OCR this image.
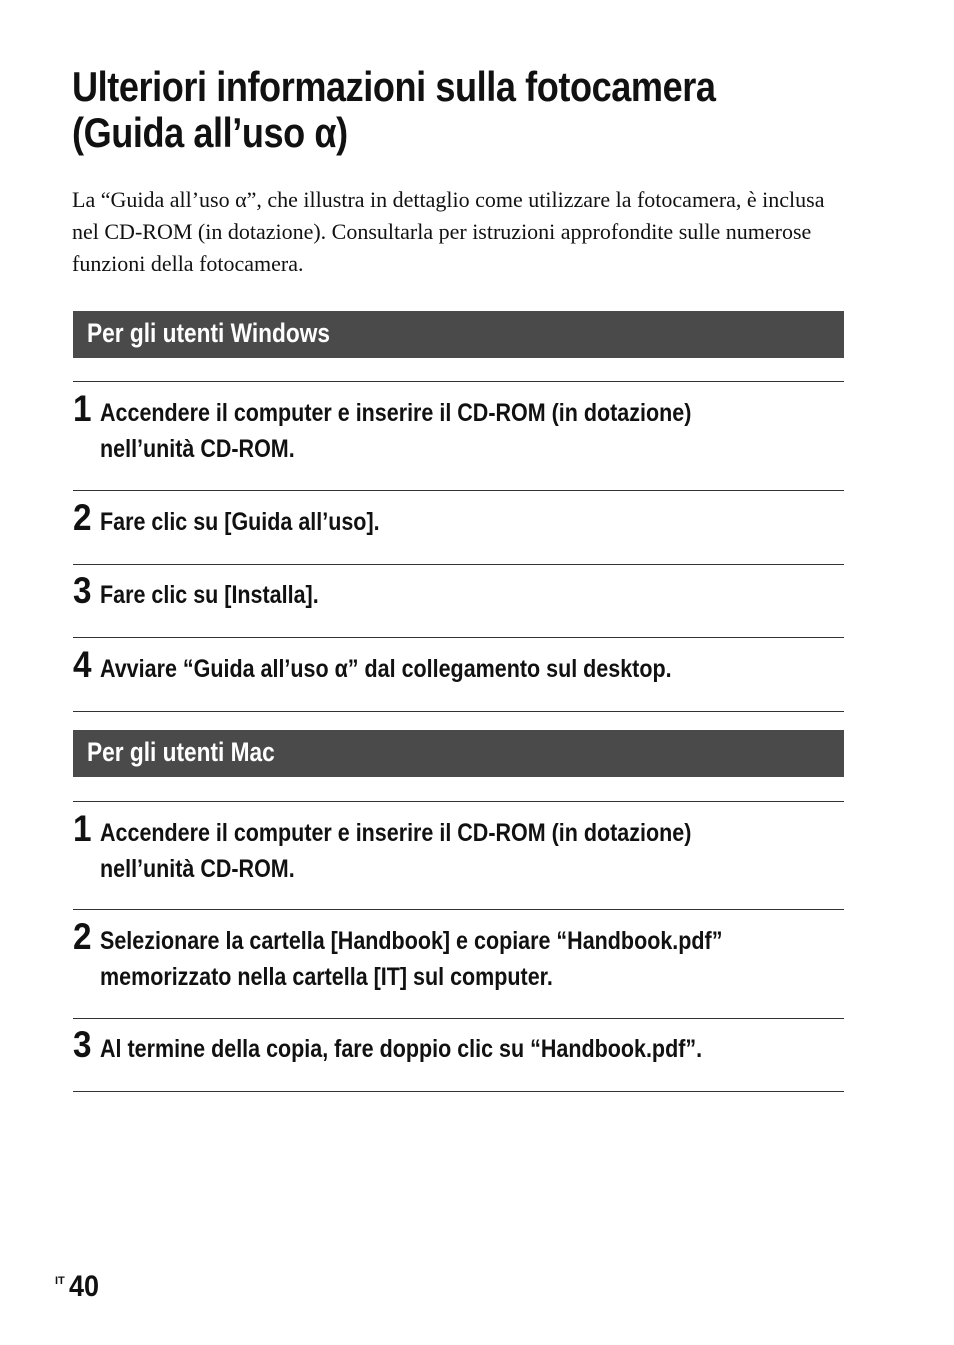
Ulteriori informazioni sulla fotocamera
(Guida all’uso α)

La “Guida all’uso α”, che illustra in dettaglio come utilizzare la fotocamera, è inclusa nel CD-ROM (in dotazione). Consultarla per istruzioni approfondite sulle numerose funzioni della fotocamera.

Per gli utenti Windows
1 Accendere il computer e inserire il CD-ROM (in dotazione)
nell’unità CD-ROM.
2 Fare clic su [Guida all’uso].
3 Fare clic su [Installa].
4 Avviare “Guida all’uso α” dal collegamento sul desktop.
Per gli utenti Mac
1 Accendere il computer e inserire il CD-ROM (in dotazione)
nell’unità CD-ROM.
2 Selezionare la cartella [Handbook] e copiare “Handbook.pdf”
memorizzato nella cartella [IT] sul computer.
3 Al termine della copia, fare doppio clic su “Handbook.pdf”.
IT 40
